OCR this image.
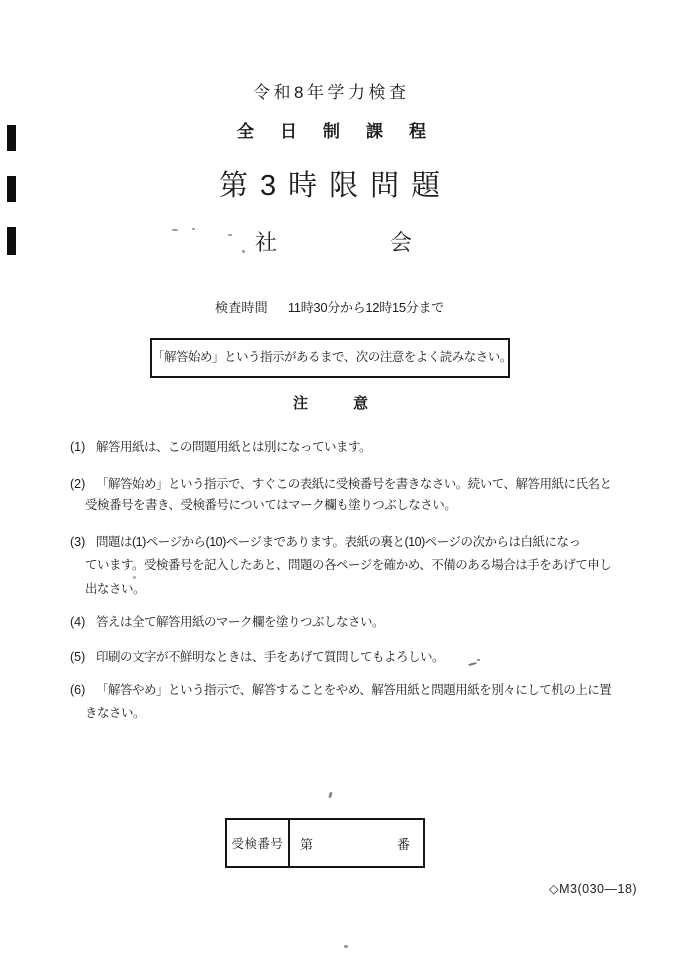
令和8年学力検査
全日制課程
第3時限問題
社会
検査時間 11時30分から12時15分まで
「解答始め」という指示があるまで、次の注意をよく読みなさい。
注意
(1) 解答用紙は、この問題用紙とは別になっています。
(2) 「解答始め」という指示で、すぐこの表紙に受検番号を書きなさい。続いて、解答用紙に氏名と
受検番号を書き、受検番号についてはマーク欄も塗りつぶしなさい。
(3) 問題は(1)ページから(10)ページまであります。表紙の裏と(10)ページの次からは白紙になっ
ています。受検番号を記入したあと、問題の各ページを確かめ、不備のある場合は手をあげて申し
出なさい。
(4) 答えは全て解答用紙のマーク欄を塗りつぶしなさい。
(5) 印刷の文字が不鮮明なときは、手をあげて質問してもよろしい。
(6) 「解答やめ」という指示で、解答することをやめ、解答用紙と問題用紙を別々にして机の上に置
きなさい。
受検番号	第	番
◇M3(030—18)
